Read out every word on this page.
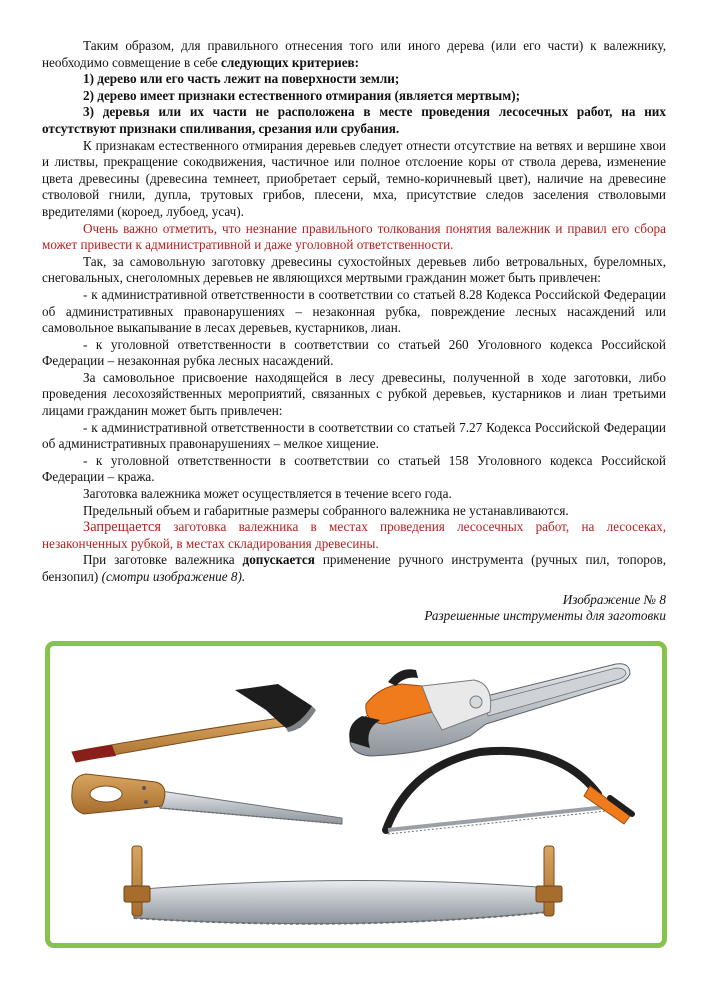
Таким образом, для правильного отнесения того или иного дерева (или его части) к валежнику, необходимо совмещение в себе следующих критериев:

1) дерево или его часть лежит на поверхности земли;

2) дерево имеет признаки естественного отмирания (является мертвым);

3) деревья или их части не расположена в месте проведения лесосечных работ, на них отсутствуют признаки спиливания, срезания или срубания.

К признакам естественного отмирания деревьев следует отнести отсутствие на ветвях и вершине хвои и листвы, прекращение сокодвижения, частичное или полное отслоение коры от ствола дерева, изменение цвета древесины (древесина темнеет, приобретает серый, темно-коричневый цвет), наличие на древесине стволовой гнили, дупла, трутовых грибов, плесени, мха, присутствие следов заселения стволовыми вредителями (короед, лубоед, усач).

Очень важно отметить, что незнание правильного толкования понятия валежник и правил его сбора может привести к административной и даже уголовной ответственности.

Так, за самовольную заготовку древесины сухостойных деревьев либо ветровальных, буреломных, снеговальных, снеголомных деревьев не являющихся мертвыми гражданин может быть привлечен:

- к административной ответственности в соответствии со статьей 8.28 Кодекса Российской Федерации об административных правонарушениях – незаконная рубка, повреждение лесных насаждений или самовольное выкапывание в лесах деревьев, кустарников, лиан.

- к уголовной ответственности в соответствии со статьей 260 Уголовного кодекса Российской Федерации – незаконная рубка лесных насаждений.

За самовольное присвоение находящейся в лесу древесины, полученной в ходе заготовки, либо проведения лесохозяйственных мероприятий, связанных с рубкой деревьев, кустарников и лиан третьими лицами гражданин может быть привлечен:

- к административной ответственности в соответствии со статьей 7.27 Кодекса Российской Федерации об административных правонарушениях – мелкое хищение.

- к уголовной ответственности в соответствии со статьей 158 Уголовного кодекса Российской Федерации – кража.

Заготовка валежника может осуществляется в течение всего года.

Предельный объем и габаритные размеры собранного валежника не устанавливаются.

Запрещается заготовка валежника в местах проведения лесосечных работ, на лесосеках, незаконченных рубкой, в местах складирования древесины.

При заготовке валежника допускается применение ручного инструмента (ручных пил, топоров, бензопил) (смотри изображение 8).

Изображение № 8
Разрешенные инструменты для заготовки
